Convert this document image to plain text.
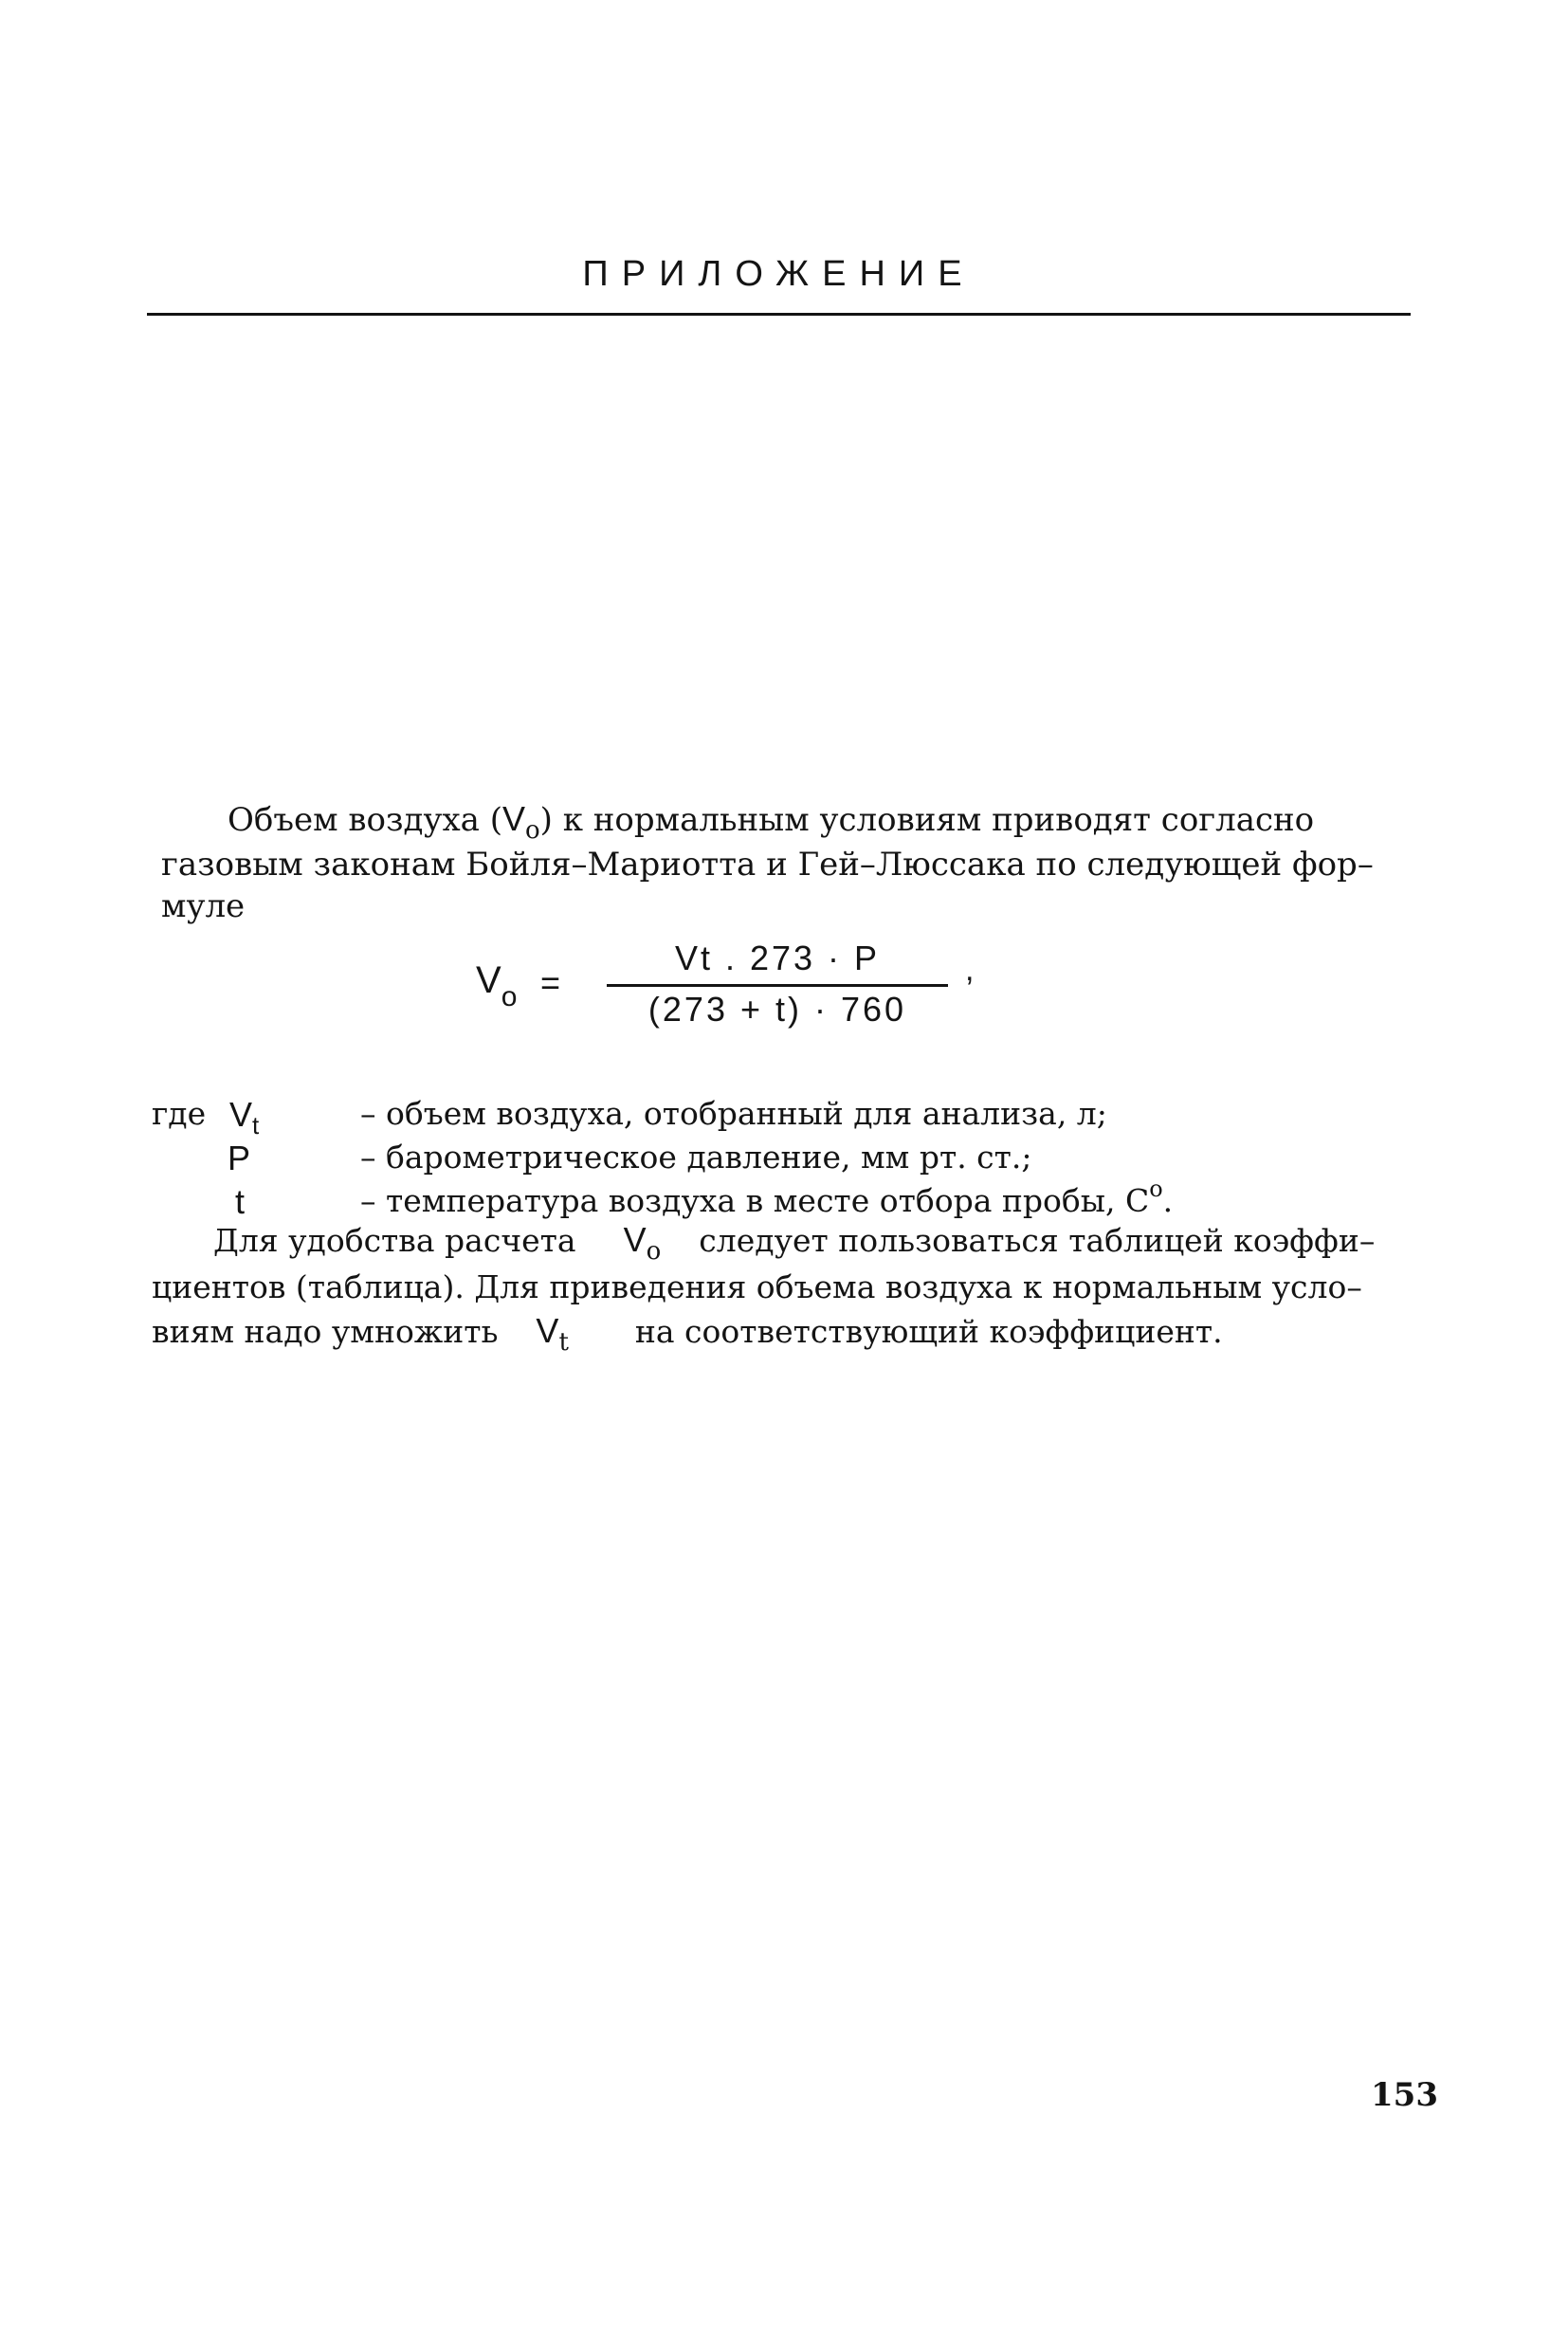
ПРИЛОЖЕНИЕ

Объем воздуха $(V_o)$ к нормальным условиям приводят согласно

газовым законам Бойля–Мариотта и Гей–Люссака по следующей фор–

муле

$V_o$ =
Vt . 273 · P
(273 + t) · 760
,
где $V_t$	– объем воздуха, отобранный для анализа, л;
P	– барометрическое давление, мм рт. ст.;
t	– температура воздуха в месте отбора пробы, $C^o$.

Для удобства расчета $V_o$ следует пользоваться таблицей коэффи–

циентов (таблица). Для приведения объема воздуха к нормальным усло–

виям надо умножить $V_t$ на соответствующий коэффициент.

153
